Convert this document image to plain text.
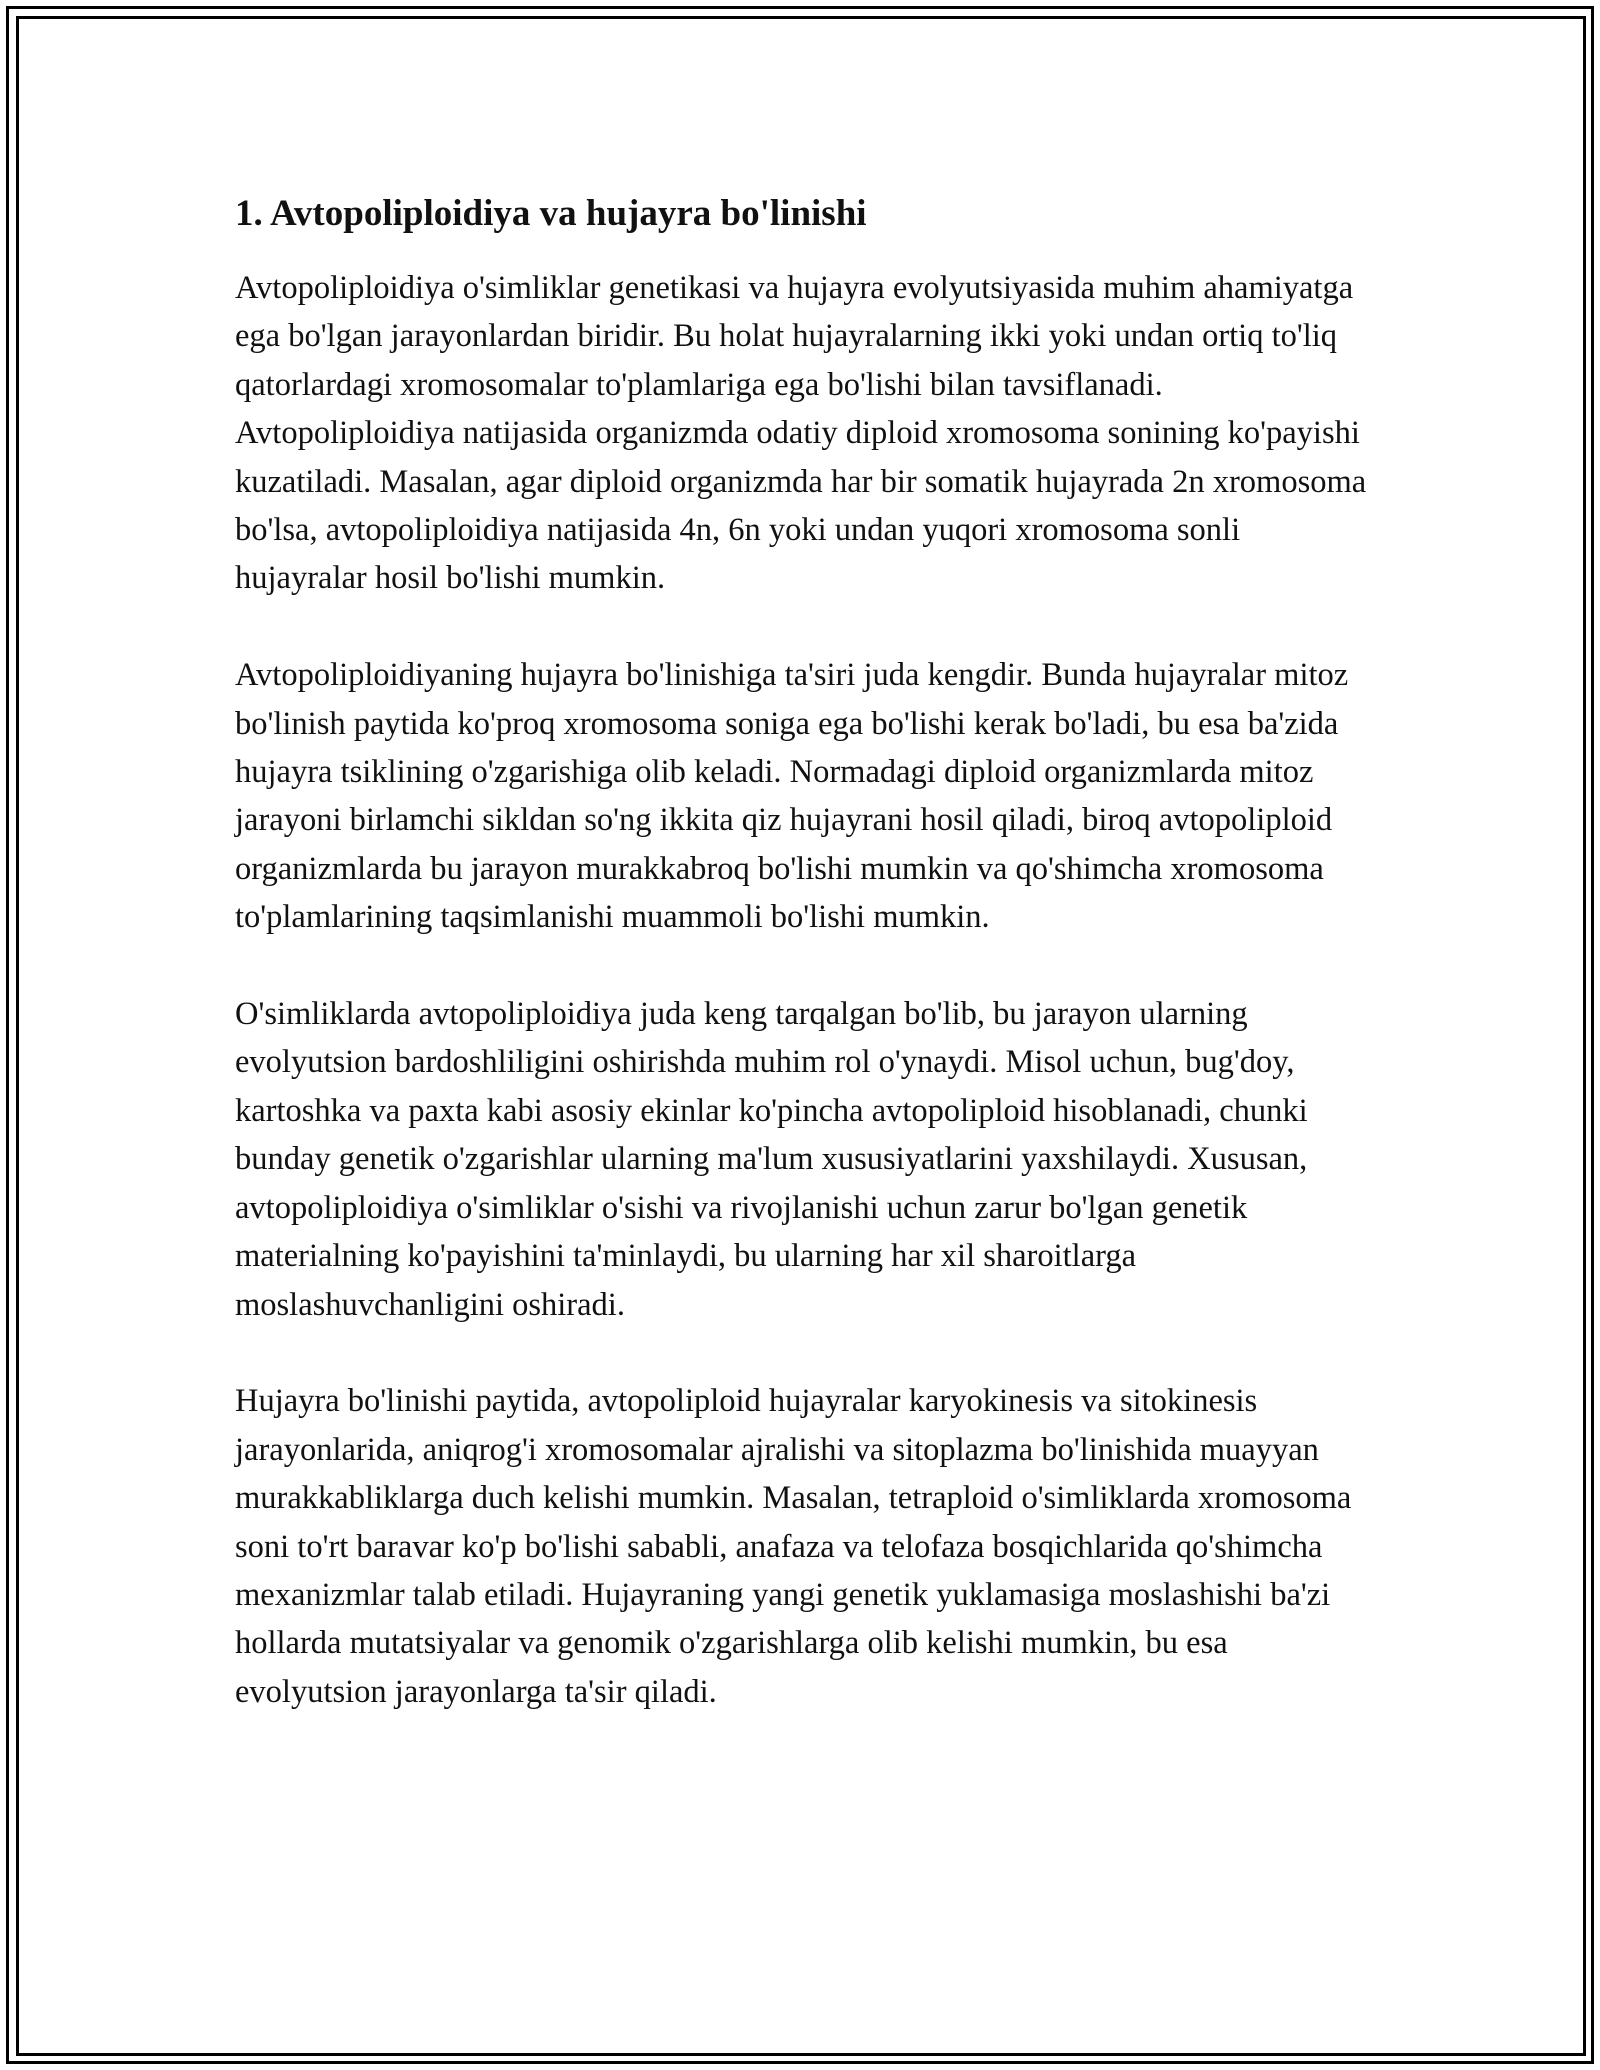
1. Avtopoliploidiya va hujayra bo'linishi

Avtopoliploidiya o'simliklar genetikasi va hujayra evolyutsiyasida muhim ahamiyatga ega bo'lgan jarayonlardan biridir. Bu holat hujayralarning ikki yoki undan ortiq to'liq qatorlardagi xromosomalar to'plamlariga ega bo'lishi bilan tavsiflanadi. Avtopoliploidiya natijasida organizmda odatiy diploid xromosoma sonining ko'payishi kuzatiladi. Masalan, agar diploid organizmda har bir somatik hujayrada 2n xromosoma bo'lsa, avtopoliploidiya natijasida 4n, 6n yoki undan yuqori xromosoma sonli hujayralar hosil bo'lishi mumkin.

Avtopoliploidiyaning hujayra bo'linishiga ta'siri juda kengdir. Bunda hujayralar mitoz bo'linish paytida ko'proq xromosoma soniga ega bo'lishi kerak bo'ladi, bu esa ba'zida hujayra tsiklining o'zgarishiga olib keladi. Normadagi diploid organizmlarda mitoz jarayoni birlamchi sikldan so'ng ikkita qiz hujayrani hosil qiladi, biroq avtopoliploid organizmlarda bu jarayon murakkabroq bo'lishi mumkin va qo'shimcha xromosoma to'plamlarining taqsimlanishi muammoli bo'lishi mumkin.

O'simliklarda avtopoliploidiya juda keng tarqalgan bo'lib, bu jarayon ularning evolyutsion bardoshliligini oshirishda muhim rol o'ynaydi. Misol uchun, bug'doy, kartoshka va paxta kabi asosiy ekinlar ko'pincha avtopoliploid hisoblanadi, chunki bunday genetik o'zgarishlar ularning ma'lum xususiyatlarini yaxshilaydi. Xususan, avtopoliploidiya o'simliklar o'sishi va rivojlanishi uchun zarur bo'lgan genetik materialning ko'payishini ta'minlaydi, bu ularning har xil sharoitlarga moslashuvchanligini oshiradi.

Hujayra bo'linishi paytida, avtopoliploid hujayralar karyokinesis va sitokinesis jarayonlarida, aniqrog'i xromosomalar ajralishi va sitoplazma bo'linishida muayyan murakkabliklarga duch kelishi mumkin. Masalan, tetraploid o'simliklarda xromosoma soni to'rt baravar ko'p bo'lishi sababli, anafaza va telofaza bosqichlarida qo'shimcha mexanizmlar talab etiladi. Hujayraning yangi genetik yuklamasiga moslashishi ba'zi hollarda mutatsiyalar va genomik o'zgarishlarga olib kelishi mumkin, bu esa evolyutsion jarayonlarga ta'sir qiladi.
